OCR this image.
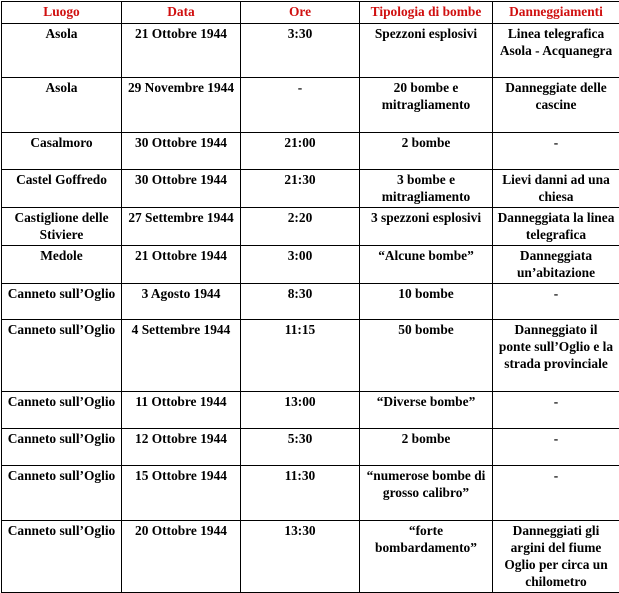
Luogo	Data	Ore	Tipologia di bombe	Danneggiamenti
Asola	21 Ottobre 1944	3:30	Spezzoni esplosivi	Linea telegrafica Asola - Acquanegra
Asola	29 Novembre 1944	-	20 bombe e mitragliamento	Danneggiate delle cascine
Casalmoro	30 Ottobre 1944	21:00	2 bombe	-
Castel Goffredo	30 Ottobre 1944	21:30	3 bombe e mitragliamento	Lievi danni ad una chiesa
Castiglione delle Stiviere	27 Settembre 1944	2:20	3 spezzoni esplosivi	Danneggiata la linea telegrafica
Medole	21 Ottobre 1944	3:00	“Alcune bombe”	Danneggiata un’abitazione
Canneto sull’Oglio	3 Agosto 1944	8:30	10 bombe	-
Canneto sull’Oglio	4 Settembre 1944	11:15	50 bombe	Danneggiato il ponte sull’Oglio e la strada provinciale
Canneto sull’Oglio	11 Ottobre 1944	13:00	“Diverse bombe”	-
Canneto sull’Oglio	12 Ottobre 1944	5:30	2 bombe	-
Canneto sull’Oglio	15 Ottobre 1944	11:30	“numerose bombe di grosso calibro”	-
Canneto sull’Oglio	20 Ottobre 1944	13:30	“forte bombardamento”	Danneggiati gli argini del fiume Oglio per circa un chilometro
